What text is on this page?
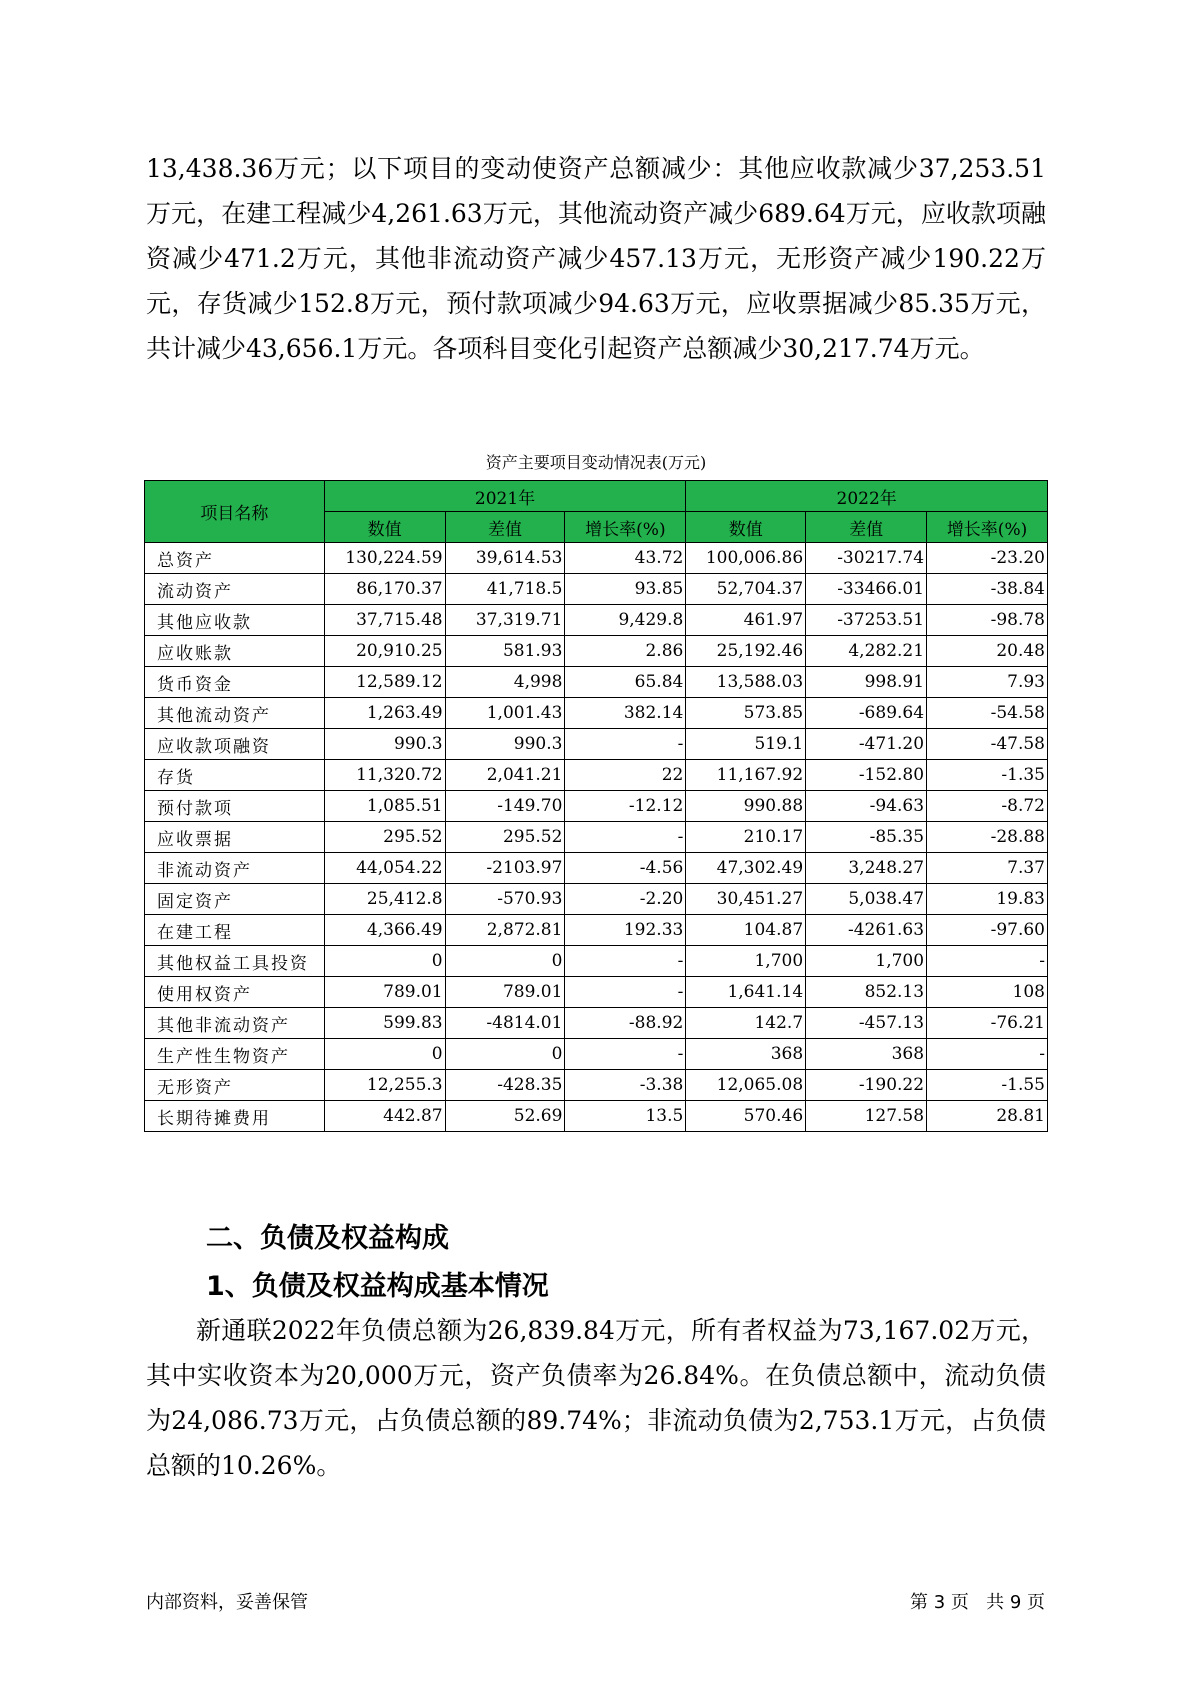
13,438.36万元；以下项目的变动使资产总额减少：其他应收款减少37,253.51万元，在建工程减少4,261.63万元，其他流动资产减少689.64万元，应收款项融资减少471.2万元，其他非流动资产减少457.13万元，无形资产减少190.22万元，存货减少152.8万元，预付款项减少94.63万元，应收票据减少85.35万元，共计减少43,656.1万元。各项科目变化引起资产总额减少30,217.74万元。

资产主要项目变动情况表(万元)
项目名称	2021年			2022年		
	数值	差值	增长率(%)	数值	差值	增长率(%)
总资产	130,224.59	39,614.53	43.72	100,006.86	-30217.74	-23.20
流动资产	86,170.37	41,718.5	93.85	52,704.37	-33466.01	-38.84
其他应收款	37,715.48	37,319.71	9,429.8	461.97	-37253.51	-98.78
应收账款	20,910.25	581.93	2.86	25,192.46	4,282.21	20.48
货币资金	12,589.12	4,998	65.84	13,588.03	998.91	7.93
其他流动资产	1,263.49	1,001.43	382.14	573.85	-689.64	-54.58
应收款项融资	990.3	990.3	-	519.1	-471.20	-47.58
存货	11,320.72	2,041.21	22	11,167.92	-152.80	-1.35
预付款项	1,085.51	-149.70	-12.12	990.88	-94.63	-8.72
应收票据	295.52	295.52	-	210.17	-85.35	-28.88
非流动资产	44,054.22	-2103.97	-4.56	47,302.49	3,248.27	7.37
固定资产	25,412.8	-570.93	-2.20	30,451.27	5,038.47	19.83
在建工程	4,366.49	2,872.81	192.33	104.87	-4261.63	-97.60
其他权益工具投资	0	0	-	1,700	1,700	-
使用权资产	789.01	789.01	-	1,641.14	852.13	108
其他非流动资产	599.83	-4814.01	-88.92	142.7	-457.13	-76.21
生产性生物资产	0	0	-	368	368	-
无形资产	12,255.3	-428.35	-3.38	12,065.08	-190.22	-1.55
长期待摊费用	442.87	52.69	13.5	570.46	127.58	28.81
二、负债及权益构成
1、负债及权益构成基本情况

新通联2022年负债总额为26,839.84万元，所有者权益为73,167.02万元，其中实收资本为20,000万元，资产负债率为26.84%。在负债总额中，流动负债为24,086.73万元，占负债总额的89.74%；非流动负债为2,753.1万元，占负债总额的10.26%。

内部资料，妥善保管	第 3 页   共 9 页
